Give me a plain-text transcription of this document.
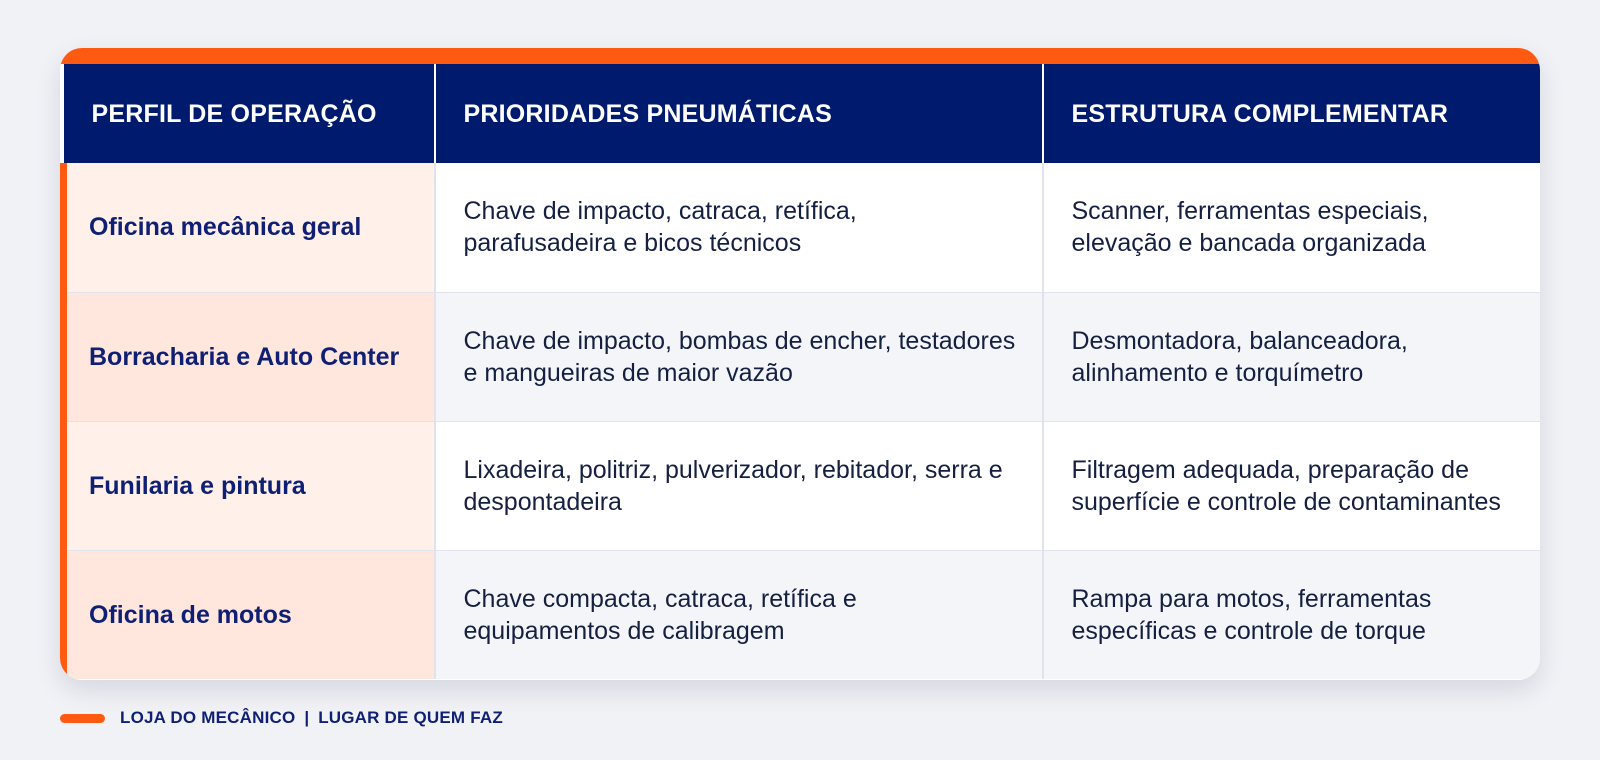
PERFIL DE OPERAÇÃO	PRIORIDADES PNEUMÁTICAS	ESTRUTURA COMPLEMENTAR
Oficina mecânica geral	Chave de impacto, catraca, retífica, parafusadeira e bicos técnicos	Scanner, ferramentas especiais, elevação e bancada organizada
Borracharia e Auto Center	Chave de impacto, bombas de encher, testadores e mangueiras de maior vazão	Desmontadora, balanceadora, alinhamento e torquímetro
Funilaria e pintura	Lixadeira, politriz, pulverizador, rebitador, serra e despontadeira	Filtragem adequada, preparação de superfície e controle de contaminantes
Oficina de motos	Chave compacta, catraca, retífica e equipamentos de calibragem	Rampa para motos, ferramentas específicas e controle de torque
LOJA DO MECÂNICO | LUGAR DE QUEM FAZ
